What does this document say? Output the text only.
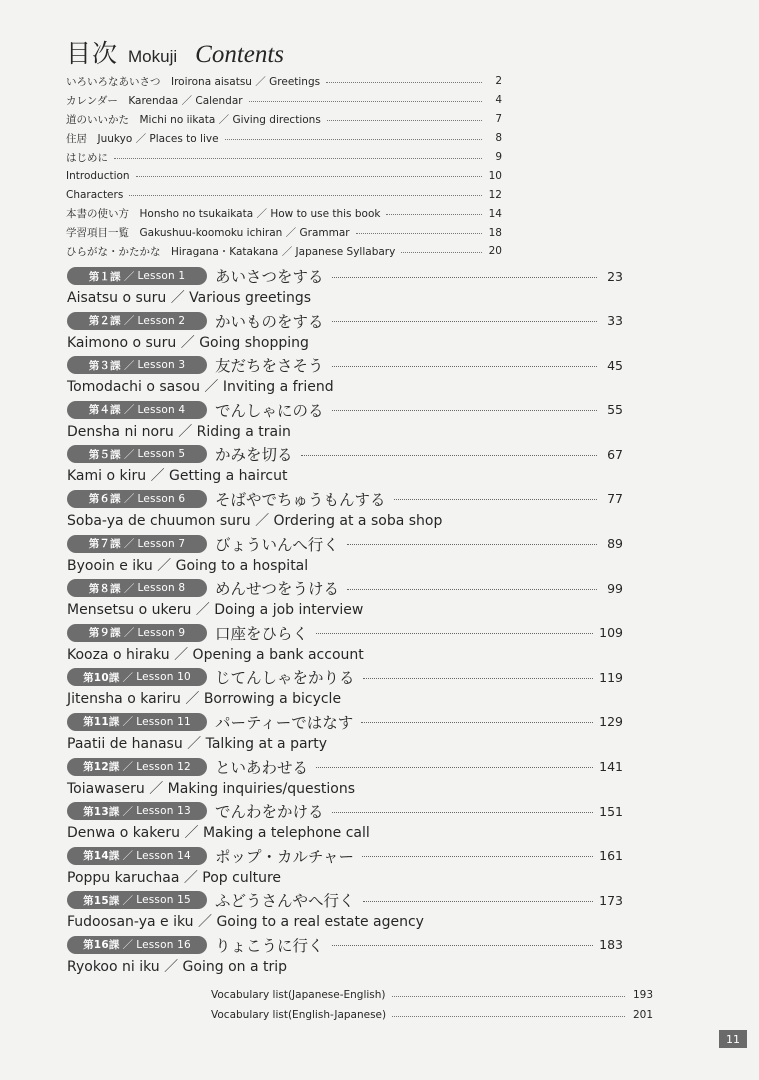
目次 Mokuji Contents
いろいろなあいさつ　Iroirona aisatsu ／ Greetings	2
カレンダー　Karendaa ／ Calendar	4
道のいいかた　Michi no iikata ／ Giving directions	7
住居　Juukyo ／ Places to live	8
はじめに	9
Introduction	10
Characters	12
本書の使い方　Honsho no tsukaikata ／ How to use this book	14
学習項目一覧　Gakushuu-koomoku ichiran ／ Grammar	18
ひらがな・かたかな　Hiragana・Katakana ／ Japanese Syllabary	20
第１課 ／ Lesson 1 あいさつをする	23
Aisatsu o suru ／ Various greetings
第２課 ／ Lesson 2 かいものをする	33
Kaimono o suru ／ Going shopping
第３課 ／ Lesson 3 友だちをさそう	45
Tomodachi o sasou ／ Inviting a friend
第４課 ／ Lesson 4 でんしゃにのる	55
Densha ni noru ／ Riding a train
第５課 ／ Lesson 5 かみを切る	67
Kami o kiru ／ Getting a haircut
第６課 ／ Lesson 6 そばやでちゅうもんする	77
Soba-ya de chuumon suru ／ Ordering at a soba shop
第７課 ／ Lesson 7 びょういんへ行く	89
Byooin e iku ／ Going to a hospital
第８課 ／ Lesson 8 めんせつをうける	99
Mensetsu o ukeru ／ Doing a job interview
第９課 ／ Lesson 9 口座をひらく	109
Kooza o hiraku ／ Opening a bank account
第10課 ／ Lesson 10 じてんしゃをかりる	119
Jitensha o kariru ／ Borrowing a bicycle
第11課 ／ Lesson 11 パーティーではなす	129
Paatii de hanasu ／ Talking at a party
第12課 ／ Lesson 12 といあわせる	141
Toiawaseru ／ Making inquiries/questions
第13課 ／ Lesson 13 でんわをかける	151
Denwa o kakeru ／ Making a telephone call
第14課 ／ Lesson 14 ポップ・カルチャー	161
Poppu karuchaa ／ Pop culture
第15課 ／ Lesson 15 ふどうさんやへ行く	173
Fudoosan-ya e iku ／ Going to a real estate agency
第16課 ／ Lesson 16 りょこうに行く	183
Ryokoo ni iku ／ Going on a trip
Vocabulary list(Japanese-English)	193
Vocabulary list(English-Japanese)	201
11
